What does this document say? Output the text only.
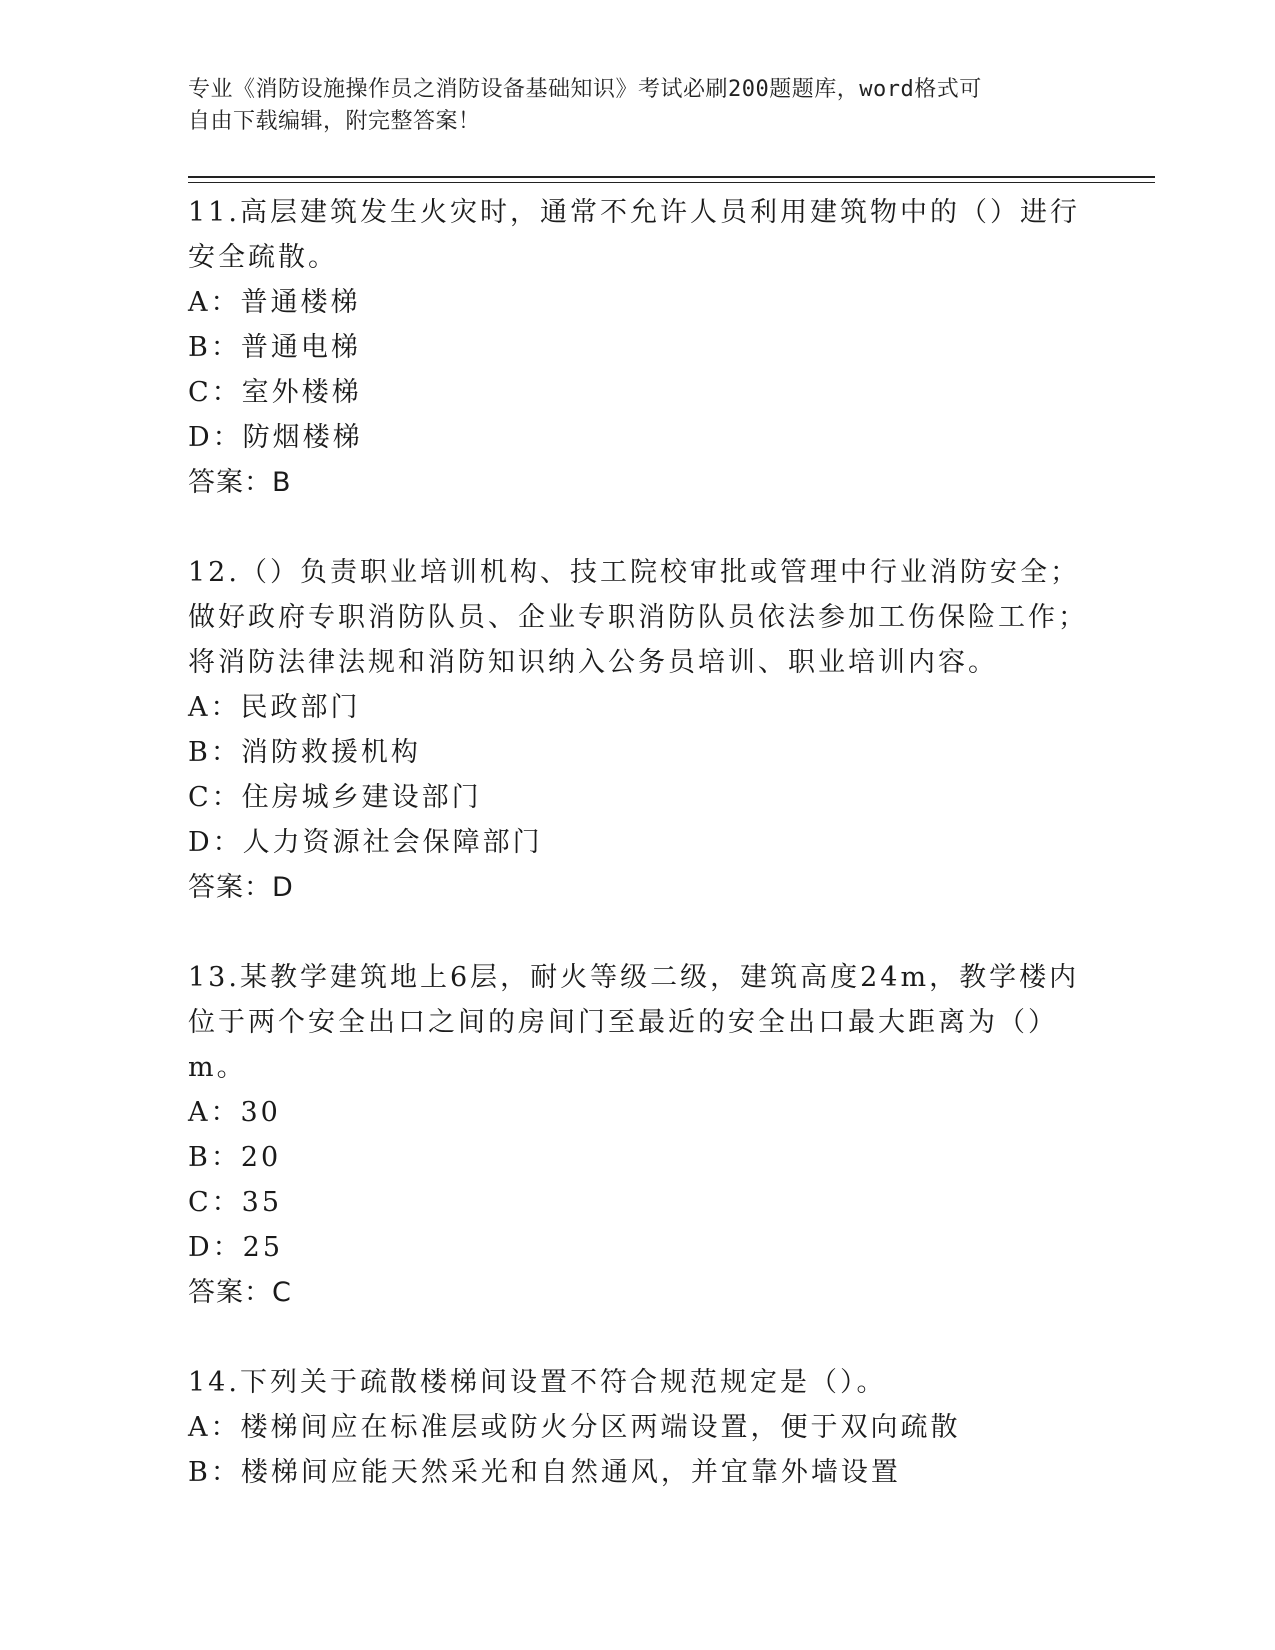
专业《消防设施操作员之消防设备基础知识》考试必刷200题题库，word格式可
自由下载编辑，附完整答案！

11.高层建筑发生火灾时，通常不允许人员利用建筑物中的（）进行安全疏散。

A：普通楼梯

B：普通电梯

C：室外楼梯

D：防烟楼梯

答案：B

12.（）负责职业培训机构、技工院校审批或管理中行业消防安全；做好政府专职消防队员、企业专职消防队员依法参加工伤保险工作；将消防法律法规和消防知识纳入公务员培训、职业培训内容。

A：民政部门

B：消防救援机构

C：住房城乡建设部门

D：人力资源社会保障部门

答案：D

13.某教学建筑地上6层，耐火等级二级，建筑高度24m，教学楼内位于两个安全出口之间的房间门至最近的安全出口最大距离为（）m。

A：30

B：20

C：35

D：25

答案：C

14.下列关于疏散楼梯间设置不符合规范规定是（）。

A：楼梯间应在标准层或防火分区两端设置，便于双向疏散

B：楼梯间应能天然采光和自然通风，并宜靠外墙设置
